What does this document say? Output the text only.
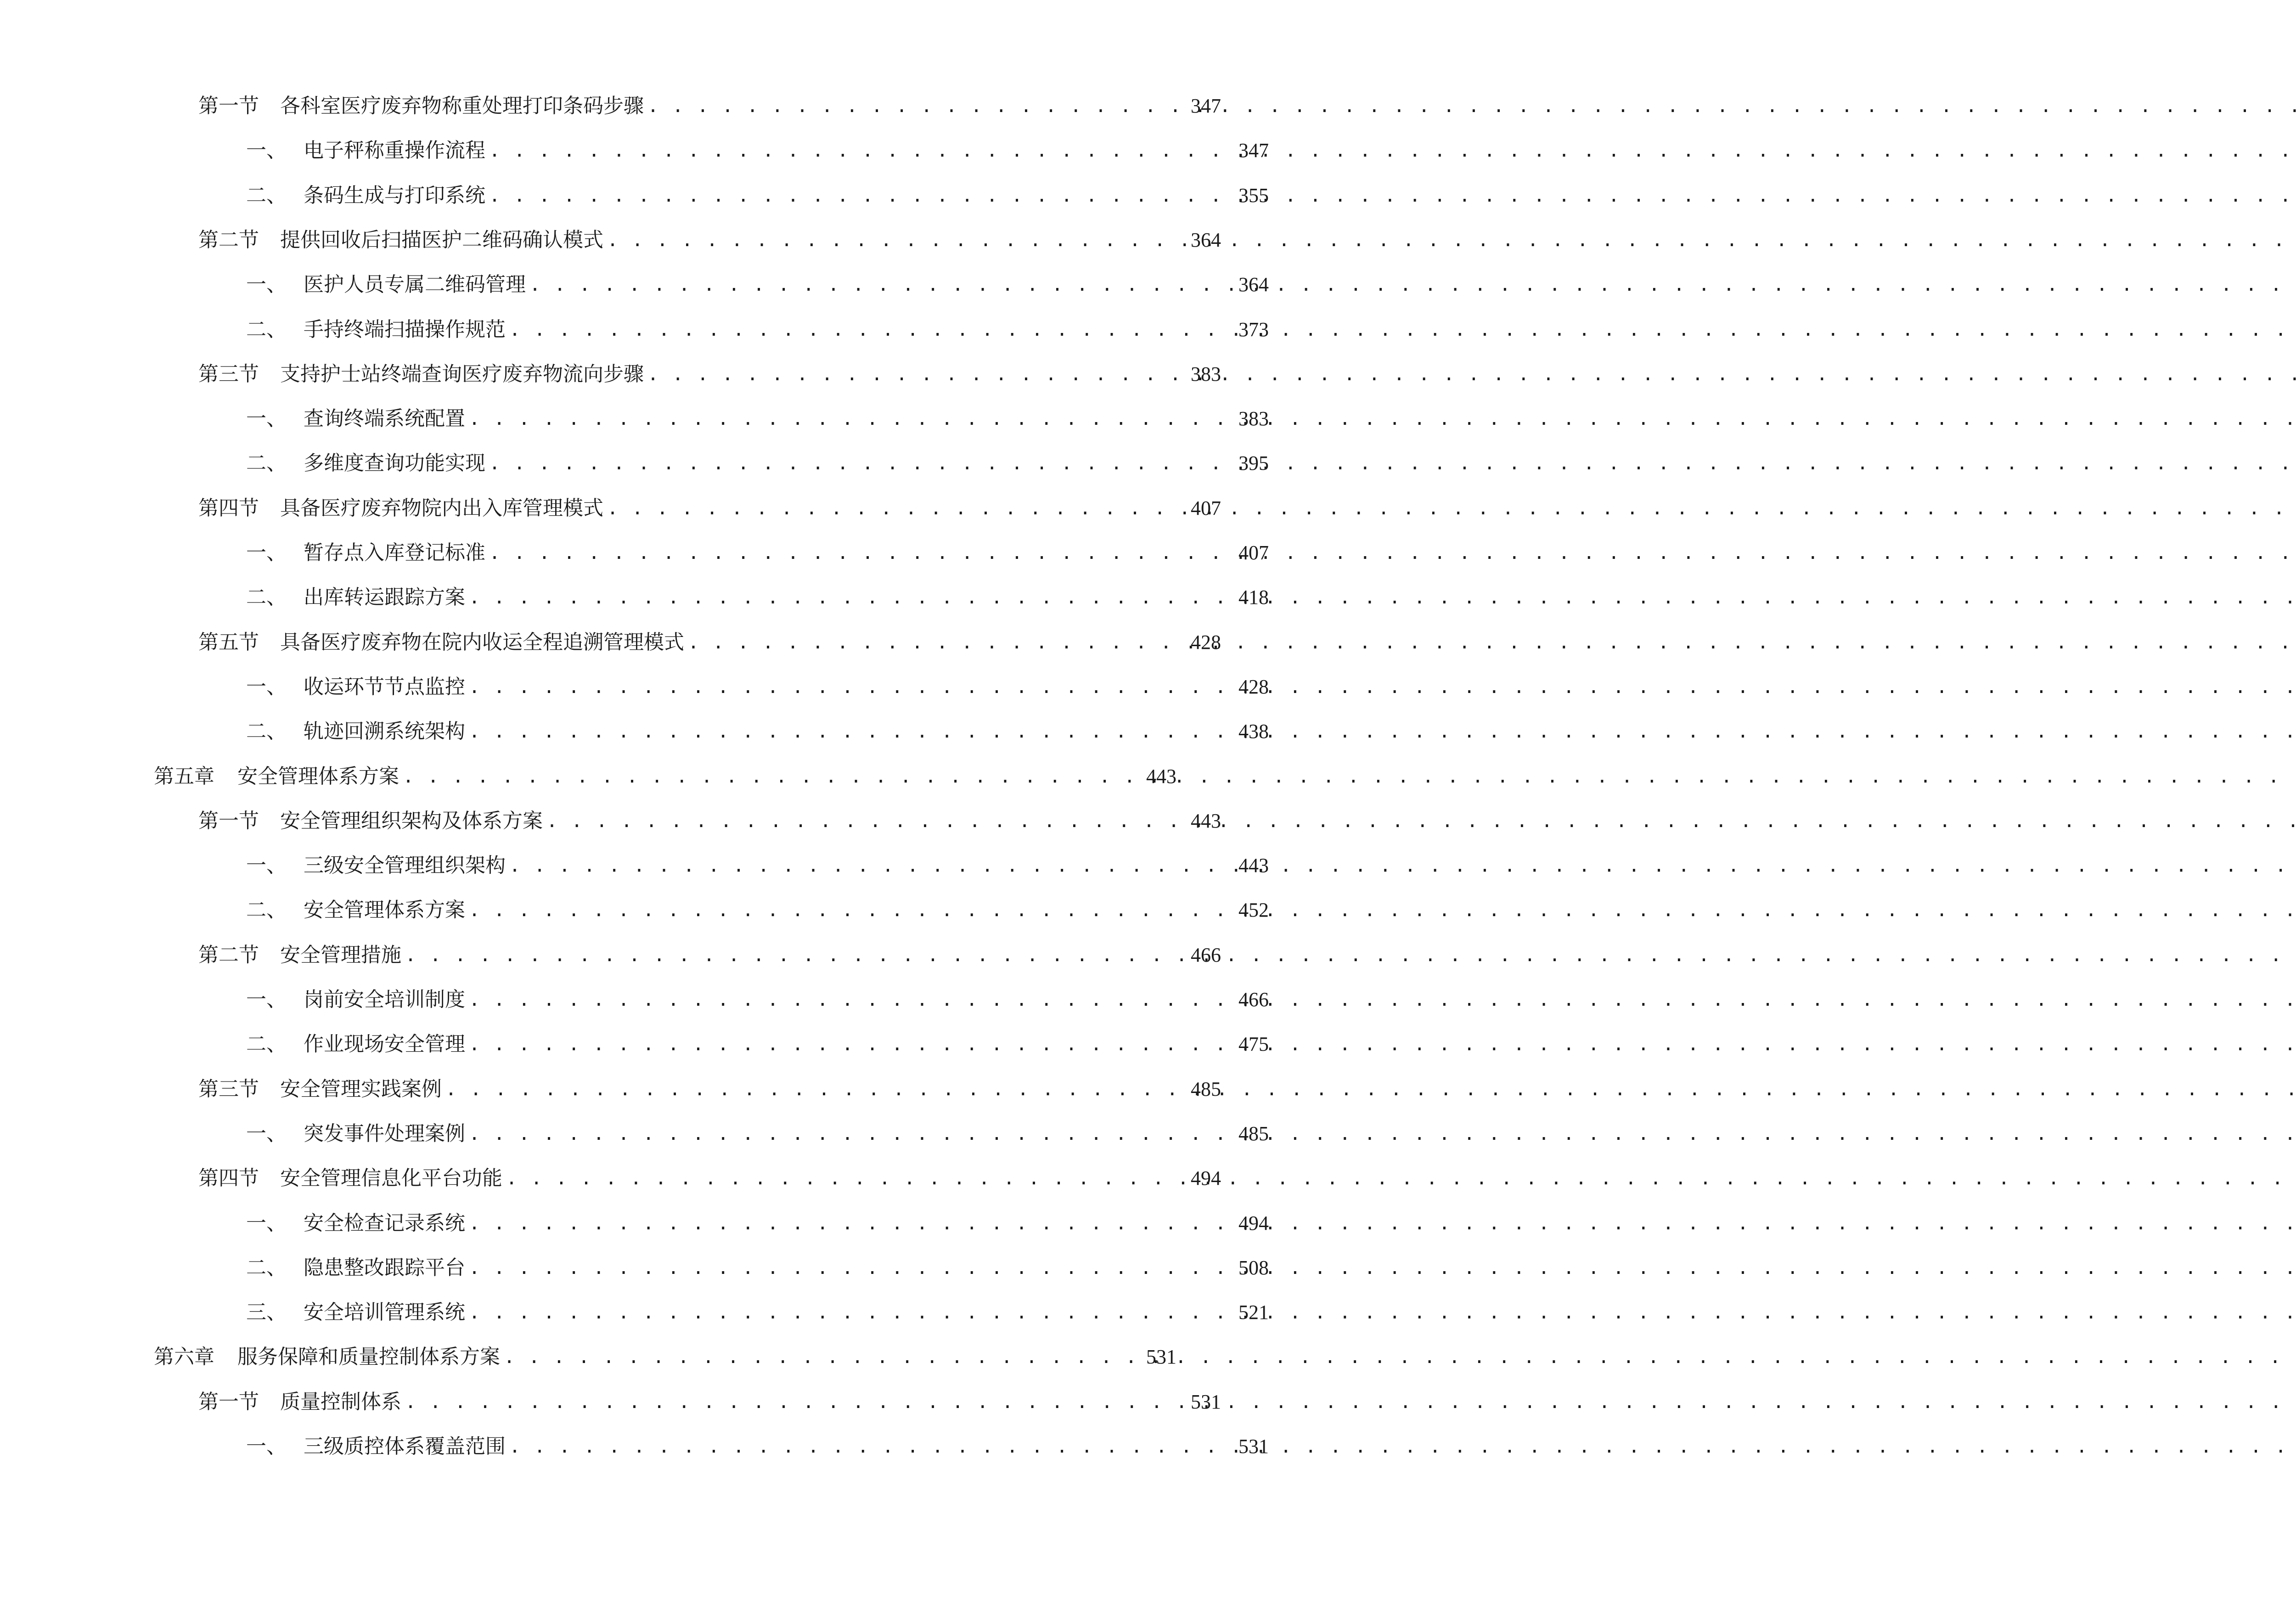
第一节	各科室医疗废弃物称重处理打印条码步骤 . . .	347
一、 电子秤称重操作流程 . . .	347
二、 条码生成与打印系统 . . .	355
第二节	提供回收后扫描医护二维码确认模式 . . .	364
一、 医护人员专属二维码管理 . . .	364
二、 手持终端扫描操作规范 . . .	373
第三节	支持护士站终端查询医疗废弃物流向步骤 . . .	383
一、 查询终端系统配置 . . .	383
二、 多维度查询功能实现 . . .	395
第四节	具备医疗废弃物院内出入库管理模式 . . .	407
一、 暂存点入库登记标准 . . .	407
二、 出库转运跟踪方案 . . .	418
第五节	具备医疗废弃物在院内收运全程追溯管理模式 . . .	428
一、 收运环节节点监控 . . .	428
二、 轨迹回溯系统架构 . . .	438
第五章	安全管理体系方案 . . .	443
第一节	安全管理组织架构及体系方案 . . .	443
一、 三级安全管理组织架构 . . .	443
二、 安全管理体系方案 . . .	452
第二节	安全管理措施 . . .	466
一、 岗前安全培训制度 . . .	466
二、 作业现场安全管理 . . .	475
第三节	安全管理实践案例 . . .	485
一、 突发事件处理案例 . . .	485
第四节	安全管理信息化平台功能 . . .	494
一、 安全检查记录系统 . . .	494
二、 隐患整改跟踪平台 . . .	508
三、 安全培训管理系统 . . .	521
第六章	服务保障和质量控制体系方案 . . .	531
第一节	质量控制体系 . . .	531
一、 三级质控体系覆盖范围 . . .	531
